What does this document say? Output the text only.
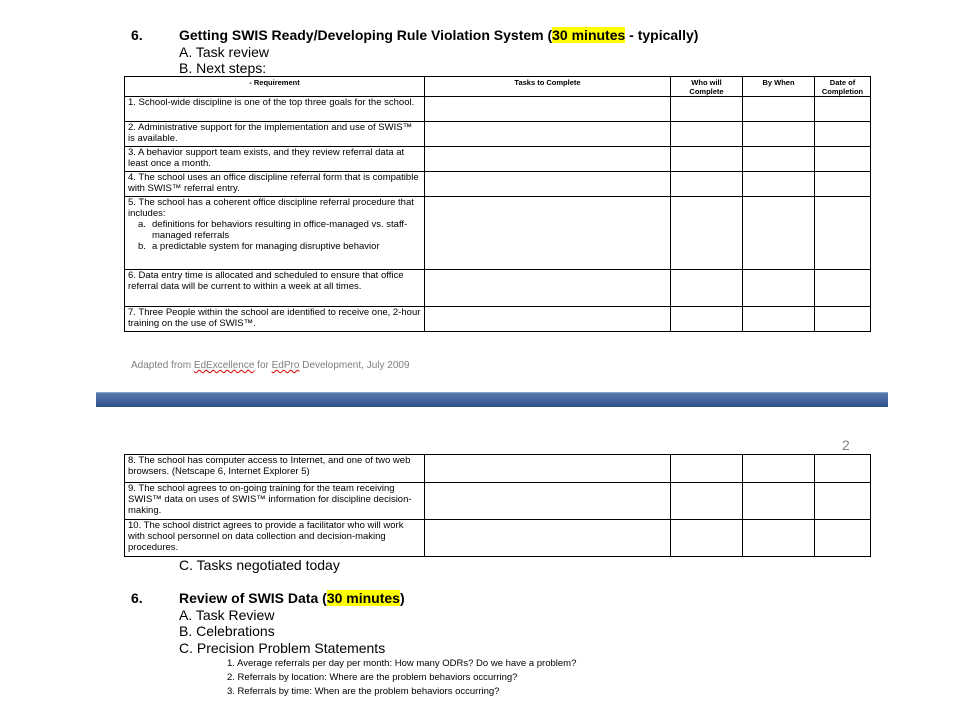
6.	Getting SWIS Ready/Developing Rule Violation System (30 minutes - typically)
A. Task review
B. Next steps:
- Requirement	Tasks to Complete	Who will Complete	By When	Date of Completion
1. School-wide discipline is one of the top three goals for the school.				
2. Administrative support for the implementation and use of SWIS™ is available.				
3. A behavior support team exists, and they review referral data at least once a month.				
4. The school uses an office discipline referral form that is compatible with SWIS™ referral entry.				

5. The school has a coherent office discipline referral procedure that includes:
a. definitions for behaviors resulting in office-managed vs. staff-managed referrals
b. a predictable system for managing disruptive behavior				

6. Data entry time is allocated and scheduled to ensure that office referral data will be current to within a week at all times.				
7. Three People within the school are identified to receive one, 2-hour training on the use of SWIS™.				
Adapted from EdExcellence for EdPro Development, July 2009
2
8. The school has computer access to Internet, and one of two web browsers. (Netscape 6, Internet Explorer 5)				
9. The school agrees to on-going training for the team receiving SWIS™ data on uses of SWIS™ information for discipline decision-making.				
10. The school district agrees to provide a facilitator who will work with school personnel on data collection and decision-making procedures.				
C. Tasks negotiated today
6.	Review of SWIS Data (30 minutes)
A. Task Review
B. Celebrations
C. Precision Problem Statements
1. Average referrals per day per month: How many ODRs? Do we have a problem?
2. Referrals by location: Where are the problem behaviors occurring?
3. Referrals by time: When are the problem behaviors occurring?
